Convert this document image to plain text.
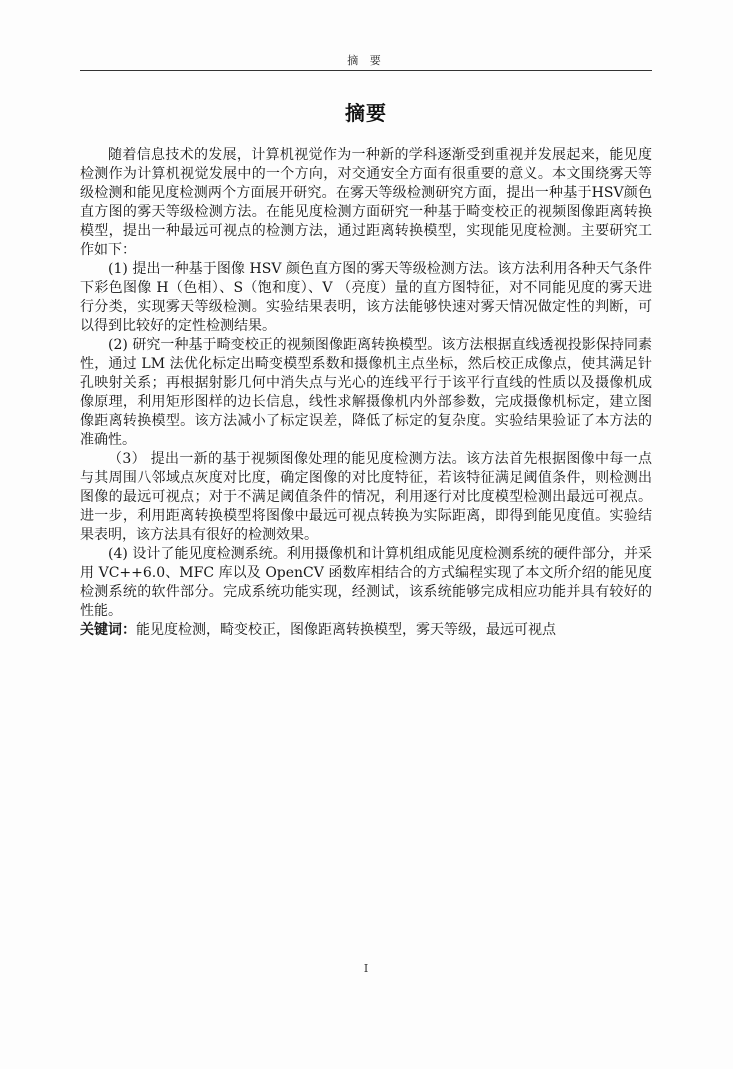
摘 要
摘要

随着信息技术的发展，计算机视觉作为一种新的学科逐渐受到重视并发展起来，能见度检测作为计算机视觉发展中的一个方向，对交通安全方面有很重要的意义。本文围绕雾天等级检测和能见度检测两个方面展开研究。在雾天等级检测研究方面，提出一种基于HSV颜色直方图的雾天等级检测方法。在能见度检测方面研究一种基于畸变校正的视频图像距离转换模型，提出一种最远可视点的检测方法，通过距离转换模型，实现能见度检测。主要研究工作如下：

(1) 提出一种基于图像 HSV 颜色直方图的雾天等级检测方法。该方法利用各种天气条件下彩色图像 H（色相）、S（饱和度）、V （亮度）量的直方图特征，对不同能见度的雾天进行分类，实现雾天等级检测。实验结果表明，该方法能够快速对雾天情况做定性的判断，可以得到比较好的定性检测结果。

(2) 研究一种基于畸变校正的视频图像距离转换模型。该方法根据直线透视投影保持同素性，通过 LM 法优化标定出畸变模型系数和摄像机主点坐标，然后校正成像点，使其满足针孔映射关系；再根据射影几何中消失点与光心的连线平行于该平行直线的性质以及摄像机成像原理，利用矩形图样的边长信息，线性求解摄像机内外部参数，完成摄像机标定，建立图像距离转换模型。该方法减小了标定误差，降低了标定的复杂度。实验结果验证了本方法的准确性。

（3） 提出一新的基于视频图像处理的能见度检测方法。该方法首先根据图像中每一点与其周围八邻域点灰度对比度，确定图像的对比度特征，若该特征满足阈值条件，则检测出图像的最远可视点；对于不满足阈值条件的情况，利用逐行对比度模型检测出最远可视点。进一步，利用距离转换模型将图像中最远可视点转换为实际距离，即得到能见度值。实验结果表明，该方法具有很好的检测效果。

(4) 设计了能见度检测系统。利用摄像机和计算机组成能见度检测系统的硬件部分，并采用 VC++6.0、MFC 库以及 OpenCV 函数库相结合的方式编程实现了本文所介绍的能见度检测系统的软件部分。完成系统功能实现，经测试，该系统能够完成相应功能并具有较好的性能。

关键词：能见度检测，畸变校正，图像距离转换模型，雾天等级，最远可视点

I
